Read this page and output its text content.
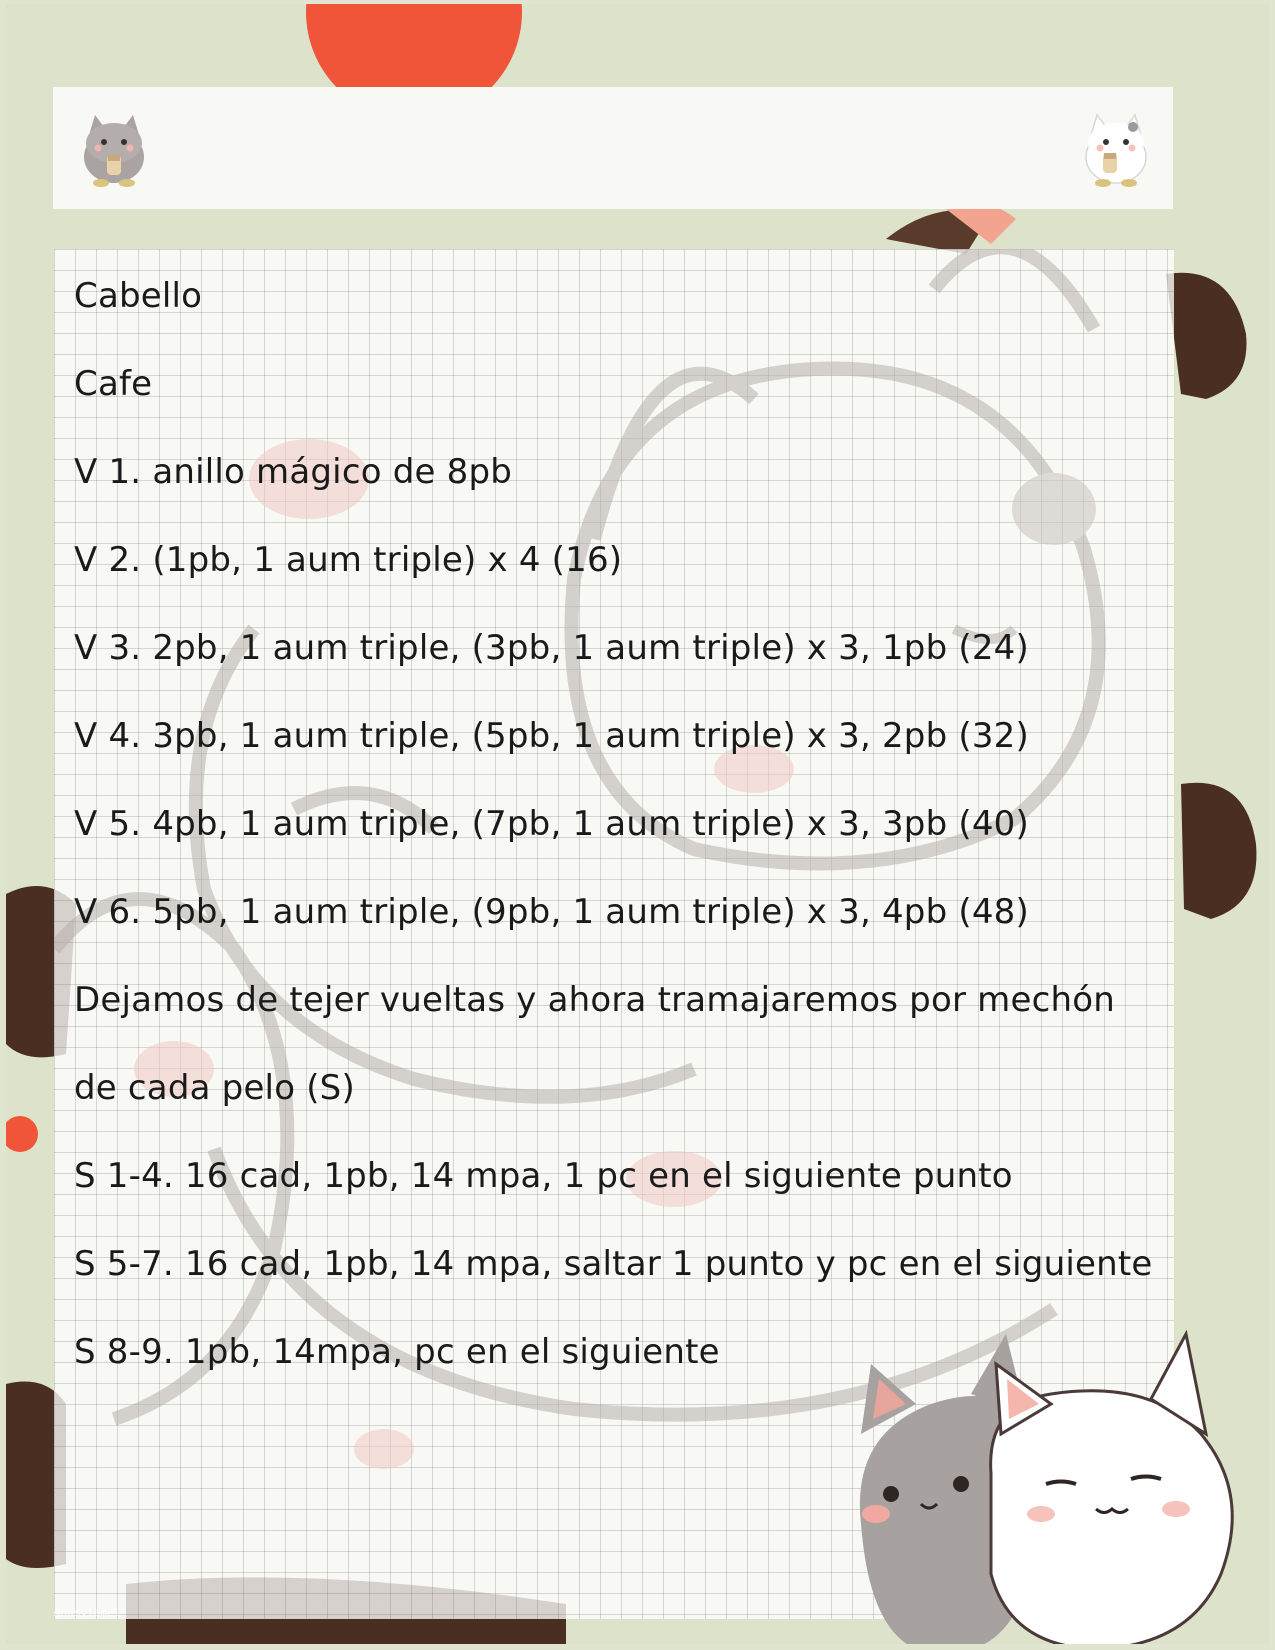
Cabello
Cafe
V 1. anillo mágico de 8pb
V 2. (1pb, 1 aum triple) x 4 (16)
V 3. 2pb, 1 aum triple, (3pb, 1 aum triple) x 3, 1pb (24)
V 4. 3pb, 1 aum triple, (5pb, 1 aum triple) x 3, 2pb (32)
V 5. 4pb, 1 aum triple, (7pb, 1 aum triple) x 3, 3pb (40)
V 6. 5pb, 1 aum triple, (9pb, 1 aum triple) x 3, 4pb (48)
Dejamos de tejer vueltas y ahora tramajaremos por mechón
de cada pelo (S)
S 1-4. 16 cad, 1pb, 14 mpa, 1 pc en el siguiente punto
S 5-7. 16 cad, 1pb, 14 mpa, saltar 1 punto y pc en el siguiente
S 8-9. 1pb, 14mpa, pc en el siguiente
@nasyiamel
